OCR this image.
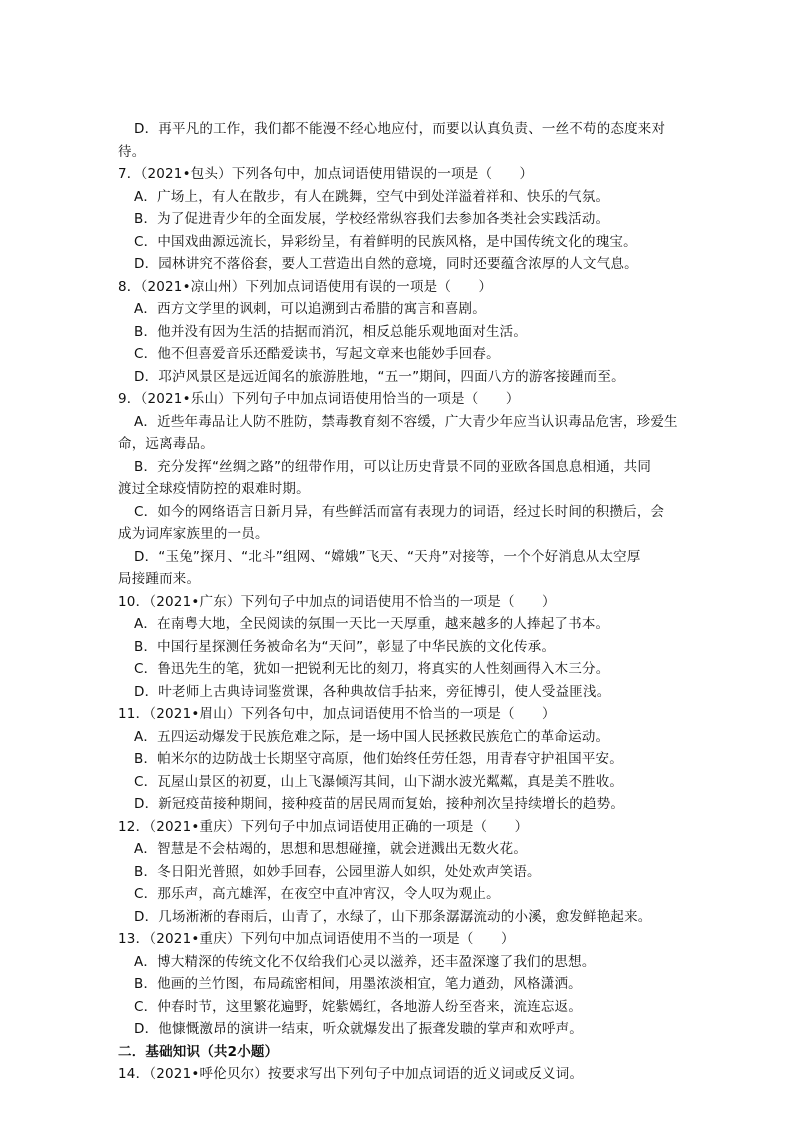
D．再平凡的工作，我们都不能漫不经心地应付，而要以认真负责、一丝不苟的态度来对
待。
7．（2021•包头）下列各句中，加点词语使用错误的一项是（　　）
A．广场上，有人在散步，有人在跳舞，空气中到处洋溢着祥和、快乐的气氛。
B．为了促进青少年的全面发展，学校经常纵容我们去参加各类社会实践活动。
C．中国戏曲源远流长，异彩纷呈，有着鲜明的民族风格，是中国传统文化的瑰宝。
D．园林讲究不落俗套，要人工营造出自然的意境，同时还要蕴含浓厚的人文气息。
8．（2021•凉山州）下列加点词语使用有误的一项是（　　）
A．西方文学里的讽刺，可以追溯到古希腊的寓言和喜剧。
B．他并没有因为生活的拮据而消沉，相反总能乐观地面对生活。
C．他不但喜爱音乐还酷爱读书，写起文章来也能妙手回春。
D．邛泸风景区是远近闻名的旅游胜地，“五一”期间，四面八方的游客接踵而至。
9．（2021•乐山）下列句子中加点词语使用恰当的一项是（　　）
A．近些年毒品让人防不胜防，禁毒教育刻不容缓，广大青少年应当认识毒品危害，珍爱生
命，远离毒品。
B．充分发挥“丝绸之路”的纽带作用，可以让历史背景不同的亚欧各国息息相通，共同
渡过全球疫情防控的艰难时期。
C．如今的网络语言日新月异，有些鲜活而富有表现力的词语，经过长时间的积攒后，会
成为词库家族里的一员。
D．“玉兔”探月、“北斗”组网、“嫦娥”飞天、“天舟”对接等，一个个好消息从太空厚
局接踵而来。
10．（2021•广东）下列句子中加点的词语使用不恰当的一项是（　　）
A．在南粤大地，全民阅读的氛围一天比一天厚重，越来越多的人捧起了书本。
B．中国行星探测任务被命名为“天问”，彰显了中华民族的文化传承。
C．鲁迅先生的笔，犹如一把锐利无比的刻刀，将真实的人性刻画得入木三分。
D．叶老师上古典诗词鉴赏课，各种典故信手拈来，旁征博引，使人受益匪浅。
11．（2021•眉山）下列各句中，加点词语使用不恰当的一项是（　　）
A．五四运动爆发于民族危难之际，是一场中国人民拯救民族危亡的革命运动。
B．帕米尔的边防战士长期坚守高原，他们始终任劳任怨，用青春守护祖国平安。
C．瓦屋山景区的初夏，山上飞瀑倾泻其间，山下湖水波光粼粼，真是美不胜收。
D．新冠疫苗接种期间，接种疫苗的居民周而复始，接种剂次呈持续增长的趋势。
12．（2021•重庆）下列句子中加点词语使用正确的一项是（　　）
A．智慧是不会枯竭的，思想和思想碰撞，就会迸溅出无数火花。
B．冬日阳光普照，如妙手回春，公园里游人如织，处处欢声笑语。
C．那乐声，高亢雄浑，在夜空中直冲宵汉，令人叹为观止。
D．几场淅淅的春雨后，山青了，水绿了，山下那条潺潺流动的小溪，愈发鲜艳起来。
13．（2021•重庆）下列句中加点词语使用不当的一项是（　　）
A．博大精深的传统文化不仅给我们心灵以滋养，还丰盈深邃了我们的思想。
B．他画的兰竹图，布局疏密相间，用墨浓淡相宜，笔力遒劲，风格潇洒。
C．仲春时节，这里繁花遍野，姹紫嫣红，各地游人纷至沓来，流连忘返。
D．他慷慨激昂的演讲一结束，听众就爆发出了振聋发聩的掌声和欢呼声。
二．基础知识（共2小题）
14．（2021•呼伦贝尔）按要求写出下列句子中加点词语的近义词或反义词。
